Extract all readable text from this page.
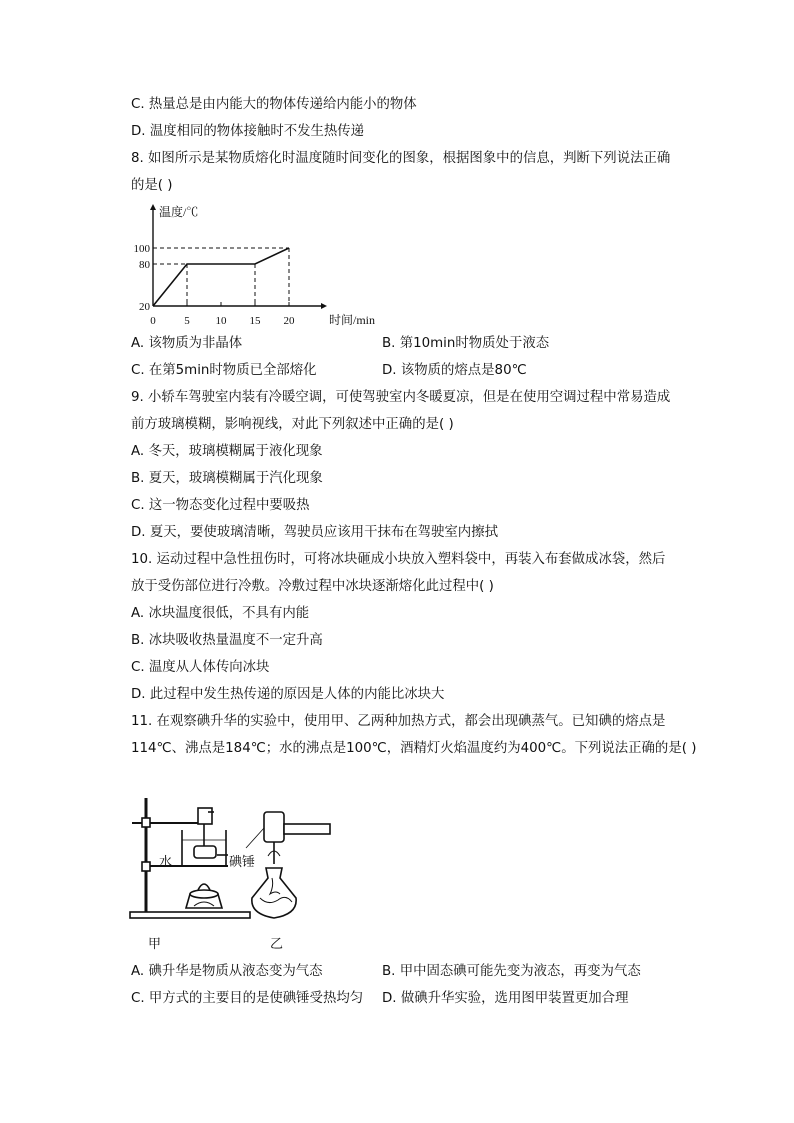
C. 热量总是由内能大的物体传递给内能小的物体
D. 温度相同的物体接触时不发生热传递
8. 如图所示是某物质熔化时温度随时间变化的图象，根据图象中的信息，判断下列说法正确
的是( )
温度/℃
时间/min
0	5 10 15 20
20
80
100
A. 该物质为非晶体	B. 第10min时物质处于液态
C. 在第5min时物质已全部熔化	D. 该物质的熔点是80℃
9. 小轿车驾驶室内装有冷暖空调，可使驾驶室内冬暖夏凉，但是在使用空调过程中常易造成
前方玻璃模糊，影响视线，对此下列叙述中正确的是( )
A. 冬天，玻璃模糊属于液化现象
B. 夏天，玻璃模糊属于汽化现象
C. 这一物态变化过程中要吸热
D. 夏天，要使玻璃清晰，驾驶员应该用干抹布在驾驶室内擦拭
10. 运动过程中急性扭伤时，可将冰块砸成小块放入塑料袋中，再装入布套做成冰袋，然后
放于受伤部位进行冷敷。冷敷过程中冰块逐渐熔化此过程中( )
A. 冰块温度很低，不具有内能
B. 冰块吸收热量温度不一定升高
C. 温度从人体传向冰块
D. 此过程中发生热传递的原因是人体的内能比冰块大
11. 在观察碘升华的实验中，使用甲、乙两种加热方式，都会出现碘蒸气。已知碘的熔点是
114℃、沸点是184℃；水的沸点是100℃，酒精灯火焰温度约为400℃。下列说法正确的是( )
水	碘锤
甲	乙
A. 碘升华是物质从液态变为气态	B. 甲中固态碘可能先变为液态，再变为气态
C. 甲方式的主要目的是使碘锤受热均匀 D. 做碘升华实验，选用图甲装置更加合理
